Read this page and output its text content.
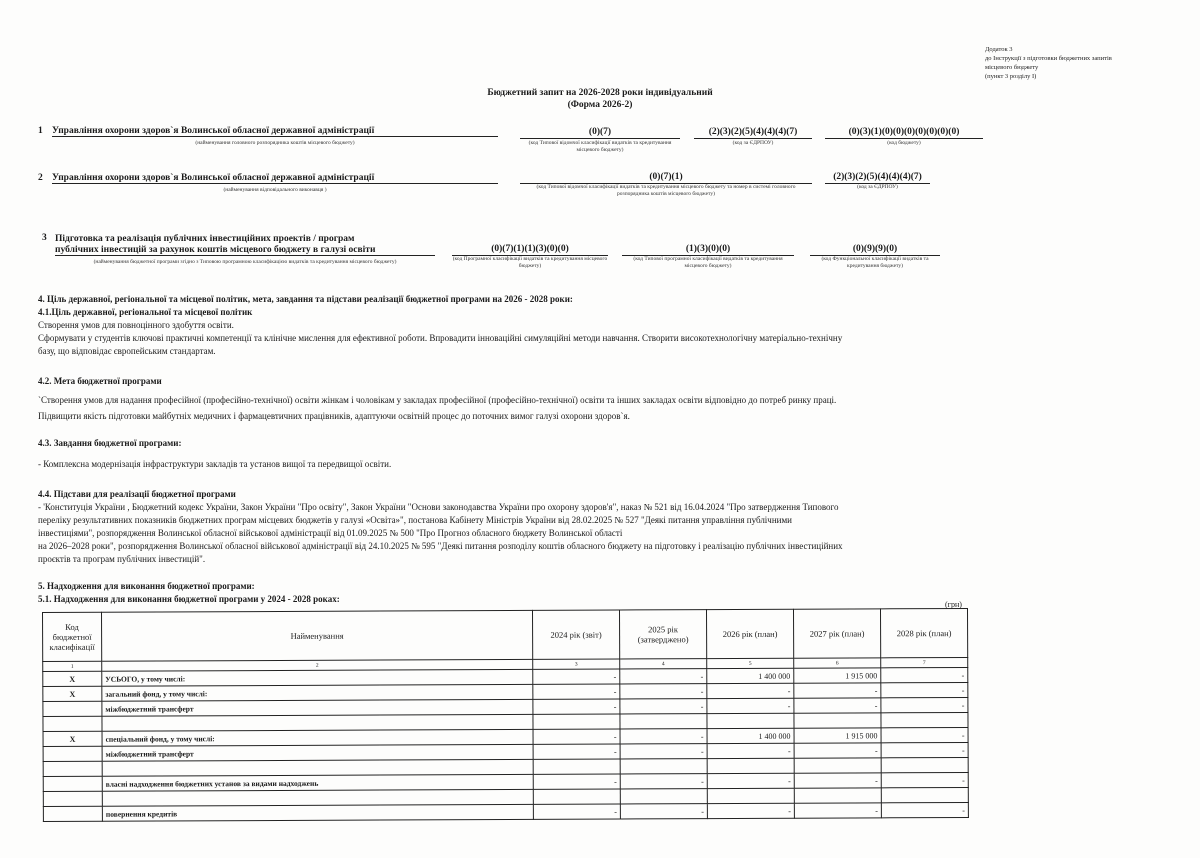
Додаток 3
до Інструкції з підготовки бюджетних запитів
місцевого бюджету
(пункт 3 розділу I)
Бюджетний запит на 2026-2028 роки індивідуальний
(Форма 2026-2)
1 Управління охорони здоров`я Волинської обласної державної адміністрації
(найменування головного розпорядника коштів місцевого бюджету)
(0)(7)
(код Типової відомчої класифікації видатків та кредитування місцевого бюджету)
(2)(3)(2)(5)(4)(4)(4)(7)
(код за ЄДРПОУ)
(0)(3)(1)(0)(0)(0)(0)(0)(0)(0)
(код бюджету)
2 Управління охорони здоров`я Волинської обласної державної адміністрації
(найменування відповідального виконавця )
(0)(7)(1)
(код Типової відомчої класифікації видатків та кредитування місцевого бюджету та номер в системі головного розпорядника коштів місцевого бюджету)
(2)(3)(2)(5)(4)(4)(4)(7)
(код за ЄДРПОУ)
3 Підготовка та реалізація публічних інвестиційних проектів / програм
публічних інвестицій за рахунок коштів місцевого бюджету в галузі освіти
(найменування бюджетної програми згідно з Типовою програмною класифікацією видатків та кредитування місцевого бюджету)
(0)(7)(1)(1)(3)(0)(0)
(код Програмної класифікації видатків та кредитування місцевого бюджету)
(1)(3)(0)(0)
(код Типової програмної класифікації видатків та кредитування місцевого бюджету)
(0)(9)(9)(0)
(код Функціональної класифікації видатків та кредитування бюджету)
4. Ціль державної, регіональної та місцевої політик, мета, завдання та підстави реалізації бюджетної програми на 2026 - 2028 роки:
4.1.Ціль державної, регіональної та місцевої політик
Створення умов для повноцінного здобуття освіти.
Сформувати у студентів ключові практичні компетенції та клінічне мислення для ефективної роботи. Впровадити інноваційні симуляційні методи навчання. Створити високотехнологічну матеріально-технічну
базу, що відповідає європейським стандартам.
4.2. Мета бюджетної програми
`Створення умов для надання професійної (професійно-технічної) освіти жінкам і чоловікам у закладах професійної (професійно-технічної) освіти та інших закладах освіти відповідно до потреб ринку праці.
Підвищити якість підготовки майбутніх медичних і фармацевтичних працівників, адаптуючи освітній процес до поточних вимог галузі охорони здоров`я.
4.3. Завдання бюджетної програми:
- Комплексна модернізація інфраструктури закладів та установ вищої та передвищої освіти.
4.4. Підстави для реалізації бюджетної програми
- 'Конституція України , Бюджетний кодекс України, Закон України "Про освіту", Закон України "Основи законодавства України про охорону здоров'я", наказ № 521 від 16.04.2024 "Про затвердження Типового
переліку результативних показників бюджетних програм місцевих бюджетів у галузі «Освіта»", постанова Кабінету Міністрів України від 28.02.2025 № 527 "Деякі питання управління публічними
інвестиціями", розпорядження Волинської обласної військової адміністрації від 01.09.2025 № 500 "Про Прогноз обласного бюджету Волинської області
на 2026–2028 роки", розпорядження Волинської обласної військової адміністрації від 24.10.2025 № 595 "Деякі питання розподілу коштів обласного бюджету на підготовку і реалізацію публічних інвестиційних
проєктів та програм публічних інвестицій".
5. Надходження для виконання бюджетної програми:
5.1. Надходження для виконання бюджетної програми у 2024 - 2028 роках:
(грн)
Код бюджетної класифікації	Найменування	2024 рік (звіт)	2025 рік (затверджено)	2026 рік (план)	2027 рік (план)	2028 рік (план)
1	2	3	4	5	6	7
X	УСЬОГО, у тому числі:	-	-	1 400 000	1 915 000	-
X	загальний фонд, у тому числі:	-	-	-	-	-
	міжбюджетний трансферт	-	-	-	-	-

X	спеціальний фонд, у тому числі:	-	-	1 400 000	1 915 000	-
	міжбюджетний трансферт	-	-	-	-	-

	власні надходження бюджетних установ за видами надходжень	-	-	-	-	-

	повернення кредитів	-	-	-	-	-
